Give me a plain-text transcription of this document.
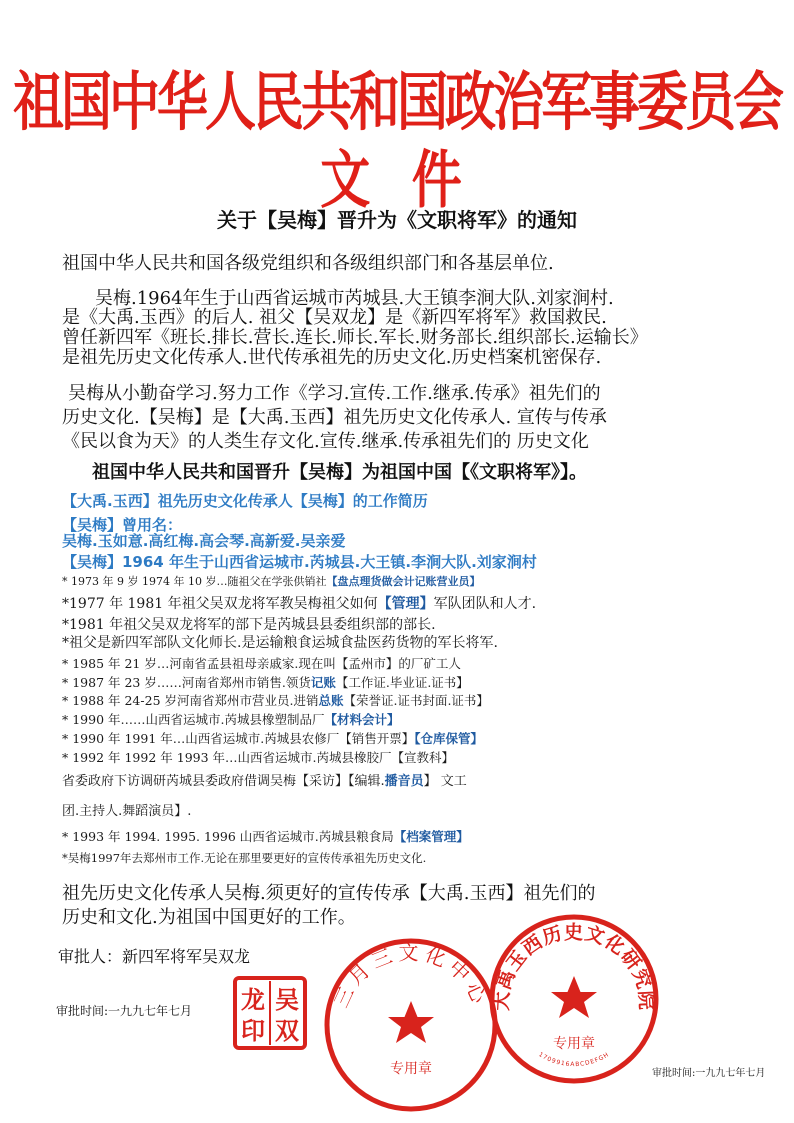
祖国中华人民共和国政治军事委员会
文 件
关于【吴梅】晋升为《文职将军》的通知
祖国中华人民共和国各级党组织和各级组织部门和各基层单位.
吴梅.1964年生于山西省运城市芮城县.大王镇李涧大队.刘家涧村.
是《大禹.玉西》的后人. 祖父【吴双龙】是《新四军将军》救国救民.
曾任新四军《班长.排长.营长.连长.师长.军长.财务部长.组织部长.运输长》
是祖先历史文化传承人.世代传承祖先的历史文化.历史档案机密保存.
吴梅从小勤奋学习.努力工作《学习.宣传.工作.继承.传承》祖先们的
历史文化.【吴梅】是【大禹.玉西】祖先历史文化传承人. 宣传与传承
《民以食为天》的人类生存文化.宣传.继承.传承祖先们的 历史文化
祖国中华人民共和国晋升【吴梅】为祖国中国【《文职将军》】。
【大禹.玉西】祖先历史文化传承人【吴梅】的工作简历
【吴梅】曾用名：
吴梅.玉如意.高红梅.高会琴.高新爱.吴亲爱
【吴梅】1964 年生于山西省运城市.芮城县.大王镇.李涧大队.刘家涧村
* 1973 年 9 岁 1974 年 10 岁…随祖父在学张供销社【盘点理货做会计记账营业员】
*1977 年 1981 年祖父吴双龙将军教吴梅祖父如何【管理】军队团队和人才.
*1981 年祖父吴双龙将军的部下是芮城县县委组织部的部长.
*祖父是新四军部队文化师长.是运输粮食运城食盐医药货物的军长将军.
* 1985 年 21 岁…河南省孟县祖母亲戚家.现在叫【孟州市】的厂矿工人
* 1987 年 23 岁……河南省郑州市销售.领货记账【工作证.毕业证.证书】
* 1988 年 24-25 岁河南省郑州市营业员.进销总账【荣誉证.证书封面.证书】
* 1990 年……山西省运城市.芮城县橡塑制品厂【材料会计】
* 1990 年 1991 年…山西省运城市.芮城县农修厂【销售开票】【仓库保管】
* 1992 年 1992 年 1993 年…山西省运城市.芮城县橡胶厂【宣教科】
省委政府下访调研芮城县委政府借调吴梅【采访】【编辑.播音员】 文工
团.主持人.舞蹈演员】.
* 1993 年 1994. 1995. 1996 山西省运城市.芮城县粮食局【档案管理】
*吴梅1997年去郑州市工作.无论在那里要更好的宣传传承祖先历史文化.
祖先历史文化传承人吴梅.须更好的宣传传承【大禹.玉西】祖先们的
历史和文化.为祖国中国更好的工作。
审批人：新四军将军吴双龙
审批时间:一九九七年七月	吴
双
龙
印
三月三文化中心
专用章
大禹玉西历史文化研究院
专用章
1709916ABCDEFGH
审批时间:一九九七年七月
